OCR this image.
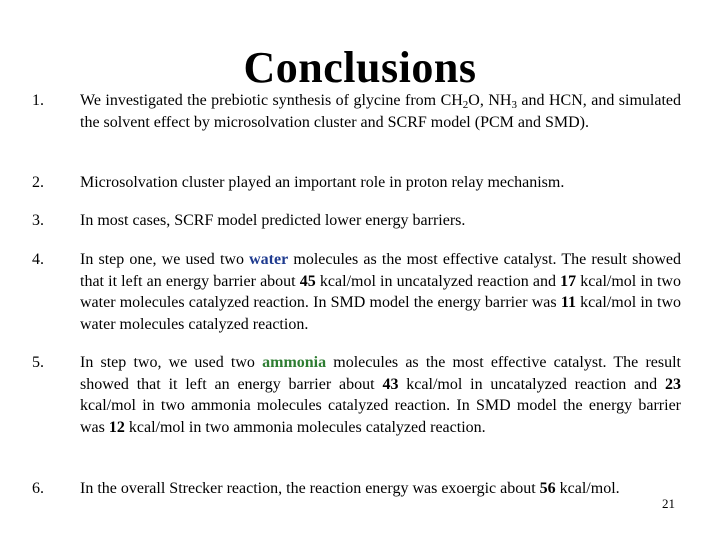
Conclusions
1. We investigated the prebiotic synthesis of glycine from $CH_2O$, $NH_3$ and HCN, and simulated the solvent effect by microsolvation cluster and SCRF model (PCM and SMD).
2. Microsolvation cluster played an important role in proton relay mechanism.
3. In most cases, SCRF model predicted lower energy barriers.
4. In step one, we used two water molecules as the most effective catalyst. The result showed that it left an energy barrier about 45 kcal/mol in uncatalyzed reaction and 17 kcal/mol in two water molecules catalyzed reaction. In SMD model the energy barrier was 11 kcal/mol in two water molecules catalyzed reaction.
5. In step two, we used two ammonia molecules as the most effective catalyst. The result showed that it left an energy barrier about 43 kcal/mol in uncatalyzed reaction and 23 kcal/mol in two ammonia molecules catalyzed reaction. In SMD model the energy barrier was 12 kcal/mol in two ammonia molecules catalyzed reaction.
6. In the overall Strecker reaction, the reaction energy was exoergic about 56 kcal/mol.
21
